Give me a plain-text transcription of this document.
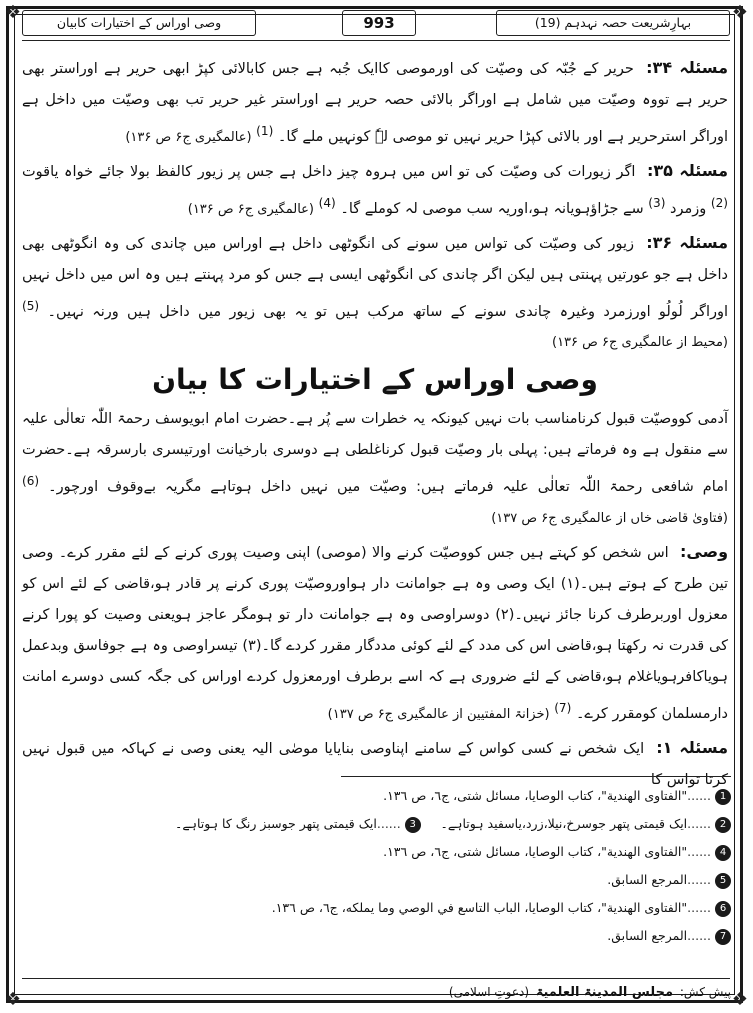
❖	❖
❖	❖
بہارِشریعت حصہ نہدہم (19)
993
وصی اوراس کے اختیارات کابیان

مسئلہ ۳۴: حریر کے جُبّہ کی وصیّت کی اورموصی کاایک جُبہ ہے جس کابالائی کپڑ ابھی حریر ہے اوراستر بھی حریر ہے تووہ وصیّت میں شامل ہے اوراگر بالائی حصہ حریر ہے اوراستر غیر حریر تب بھی وصیّت میں داخل ہے اوراگر استرحریر ہے اور بالائی کپڑا حریر نہیں تو موصی لہٗ کونہیں ملے گا۔ $^{(1)}$ (عالمگیری ج۶ ص ۱۳۶)

مسئلہ ۳۵: اگر زیورات کی وصیّت کی تو اس میں ہروہ چیز داخل ہے جس پر زیور کالفظ بولا جائے خواہ یاقوت $^{(2)}$ وزمرد $^{(3)}$ سے جڑاؤہویانہ ہو،اوریہ سب موصی لہ کوملے گا۔ $^{(4)}$ (عالمگیری ج۶ ص ۱۳۶)

مسئلہ ۳۶: زیور کی وصیّت کی تواس میں سونے کی انگوٹھی داخل ہے اوراس میں چاندی کی وہ انگوٹھی بھی داخل ہے جو عورتیں پہنتی ہیں لیکن اگر چاندی کی انگوٹھی ایسی ہے جس کو مرد پہنتے ہیں وہ اس میں داخل نہیں اوراگر لُولُو اورزمرد وغیرہ چاندی سونے کے ساتھ مرکب ہیں تو یہ بھی زیور میں داخل ہیں ورنہ نہیں۔ $^{(5)}$ (محیط از عالمگیری ج۶ ص ۱۳۶)

وصی اوراس کے اختیارات کا بیان

آدمی کووصیّت قبول کرنامناسب بات نہیں کیونکہ یہ خطرات سے پُر ہے۔حضرت امام ابویوسف رحمۃ اللّٰہ تعالٰی علیہ سے منقول ہے وہ فرماتے ہیں: پہلی بار وصیّت قبول کرناغلطی ہے دوسری بارخیانت اورتیسری بارسرقہ ہے۔حضرت امام شافعی رحمۃ اللّٰہ تعالٰی علیہ فرماتے ہیں: وصیّت میں نہیں داخل ہوتاہے مگریہ بےوقوف اورچور۔ $^{(6)}$ (فتاویٰ قاضی خاں از عالمگیری ج۶ ص ۱۳۷)

وصی: اس شخص کو کہتے ہیں جس کووصیّت کرنے والا (موصی) اپنی وصیت پوری کرنے کے لئے مقرر کرے۔ وصی تین طرح کے ہوتے ہیں۔(۱) ایک وصی وہ ہے جوامانت دار ہواوروصیّت پوری کرنے پر قادر ہو،قاضی کے لئے اس کو معزول اوربرطرف کرنا جائز نہیں۔(۲) دوسراوصی وہ ہے جوامانت دار تو ہومگر عاجز ہویعنی وصیت کو پورا کرنے کی قدرت نہ رکھتا ہو،قاضی اس کی مدد کے لئے کوئی مددگار مقرر کردے گا۔(۳) تیسراوصی وہ ہے جوفاسق وبدعمل ہویاکافرہویاغلام ہو،قاضی کے لئے ضروری ہے کہ اسے برطرف اورمعزول کردے اوراس کی جگہ کسی دوسرے امانت دارمسلمان کومقرر کرے۔ $^{(7)}$ (خزانۃ المفتیین از عالمگیری ج۶ ص ۱۳۷)

مسئلہ ۱: ایک شخص نے کسی کواس کے سامنے اپناوصی بنایایا موصٰی الیہ یعنی وصی نے کہاکہ میں قبول نہیں کرتا تواس کا

1......"الفتاوی الهندية"، كتاب الوصايا، مسائل شتى، ج٦، ص ١٣٦.
2......ایک قیمتی پتھر جوسرخ،نیلا،زرد،یاسفید ہوتاہے۔
3......ایک قیمتی پتھر جوسبز رنگ کا ہوتاہے۔
4......"الفتاوى الهندية"، كتاب الوصايا، مسائل شتى، ج٦، ص ١٣٦.
5......المرجع السابق.
6......"الفتاوى الهندية"، كتاب الوصايا، الباب التاسع في الوصي وما يملكه، ج٦، ص ١٣٦.
7......المرجع السابق.
پیش کش: مجلس المدینۃ العلمیۃ (دعوتِ اسلامی)
